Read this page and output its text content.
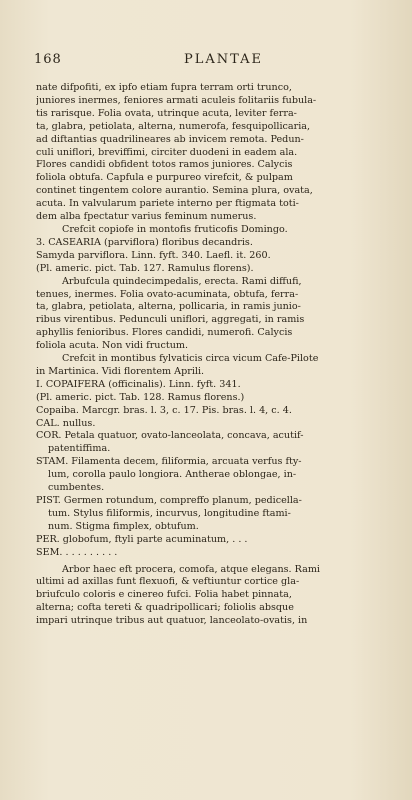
168	PLANTAE
nate difpofiti, ex ipfo etiam fupra terram orti trunco,
juniores inermes, feniores armati aculeis folitariis fubula-
tis rarisque. Folia ovata, utrinque acuta, leviter ferra-
ta, glabra, petiolata, alterna, numerofa, fesquipollicaria,
ad diftantias quadrilineares ab invicem remota. Pedun-
culi uniflori, breviffimi, circiter duodeni in eadem ala.
Flores candidi obfident totos ramos juniores. Calycis
foliola obtufa. Capfula e purpureo virefcit, & pulpam
continet tingentem colore aurantio. Semina plura, ovata,
acuta. In valvularum pariete interno per ftigmata toti-
dem alba fpectatur varius feminum numerus.
Crefcit copiofe in montofis fruticofis Domingo.
3. CASEARIA (parviflora) floribus decandris.
Samyda parviflora. Linn. fyft. 340. Laefl. it. 260.
(Pl. americ. pict. Tab. 127. Ramulus florens).
Arbufcula quindecimpedalis, erecta. Rami diffufi,
tenues, inermes. Folia ovato-acuminata, obtufa, ferra-
ta, glabra, petiolata, alterna, pollicaria, in ramis junio-
ribus virentibus. Pedunculi uniflori, aggregati, in ramis
aphyllis fenioribus. Flores candidi, numerofi. Calycis
foliola acuta. Non vidi fructum.
Crefcit in montibus fylvaticis circa vicum Cafe-Pilote
in Martinica. Vidi florentem Aprili.
I. COPAIFERA (officinalis). Linn. fyft. 341.
(Pl. americ. pict. Tab. 128. Ramus florens.)
Copaiba. Marcgr. bras. l. 3, c. 17. Pis. bras. l. 4, c. 4.
CAL. nullus.
COR. Petala quatuor, ovato-lanceolata, concava, acutif-
patentiffima.
STAM. Filamenta decem, filiformia, arcuata verfus fty-
lum, corolla paulo longiora. Antherae oblongae, in-
cumbentes.
PIST. Germen rotundum, compreffo planum, pedicella-
tum. Stylus filiformis, incurvus, longitudine ftami-
num. Stigma fimplex, obtufum.
PER. globofum, ftyli parte acuminatum, . . .
SEM. . . . . . . . . .
Arbor haec eft procera, comofa, atque elegans. Rami
ultimi ad axillas funt flexuofi, & veftiuntur cortice gla-
briufculo coloris e cinereo fufci. Folia habet pinnata,
alterna; cofta tereti & quadripollicari; foliolis absque
impari utrinque tribus aut quatuor, lanceolato-ovatis, in
